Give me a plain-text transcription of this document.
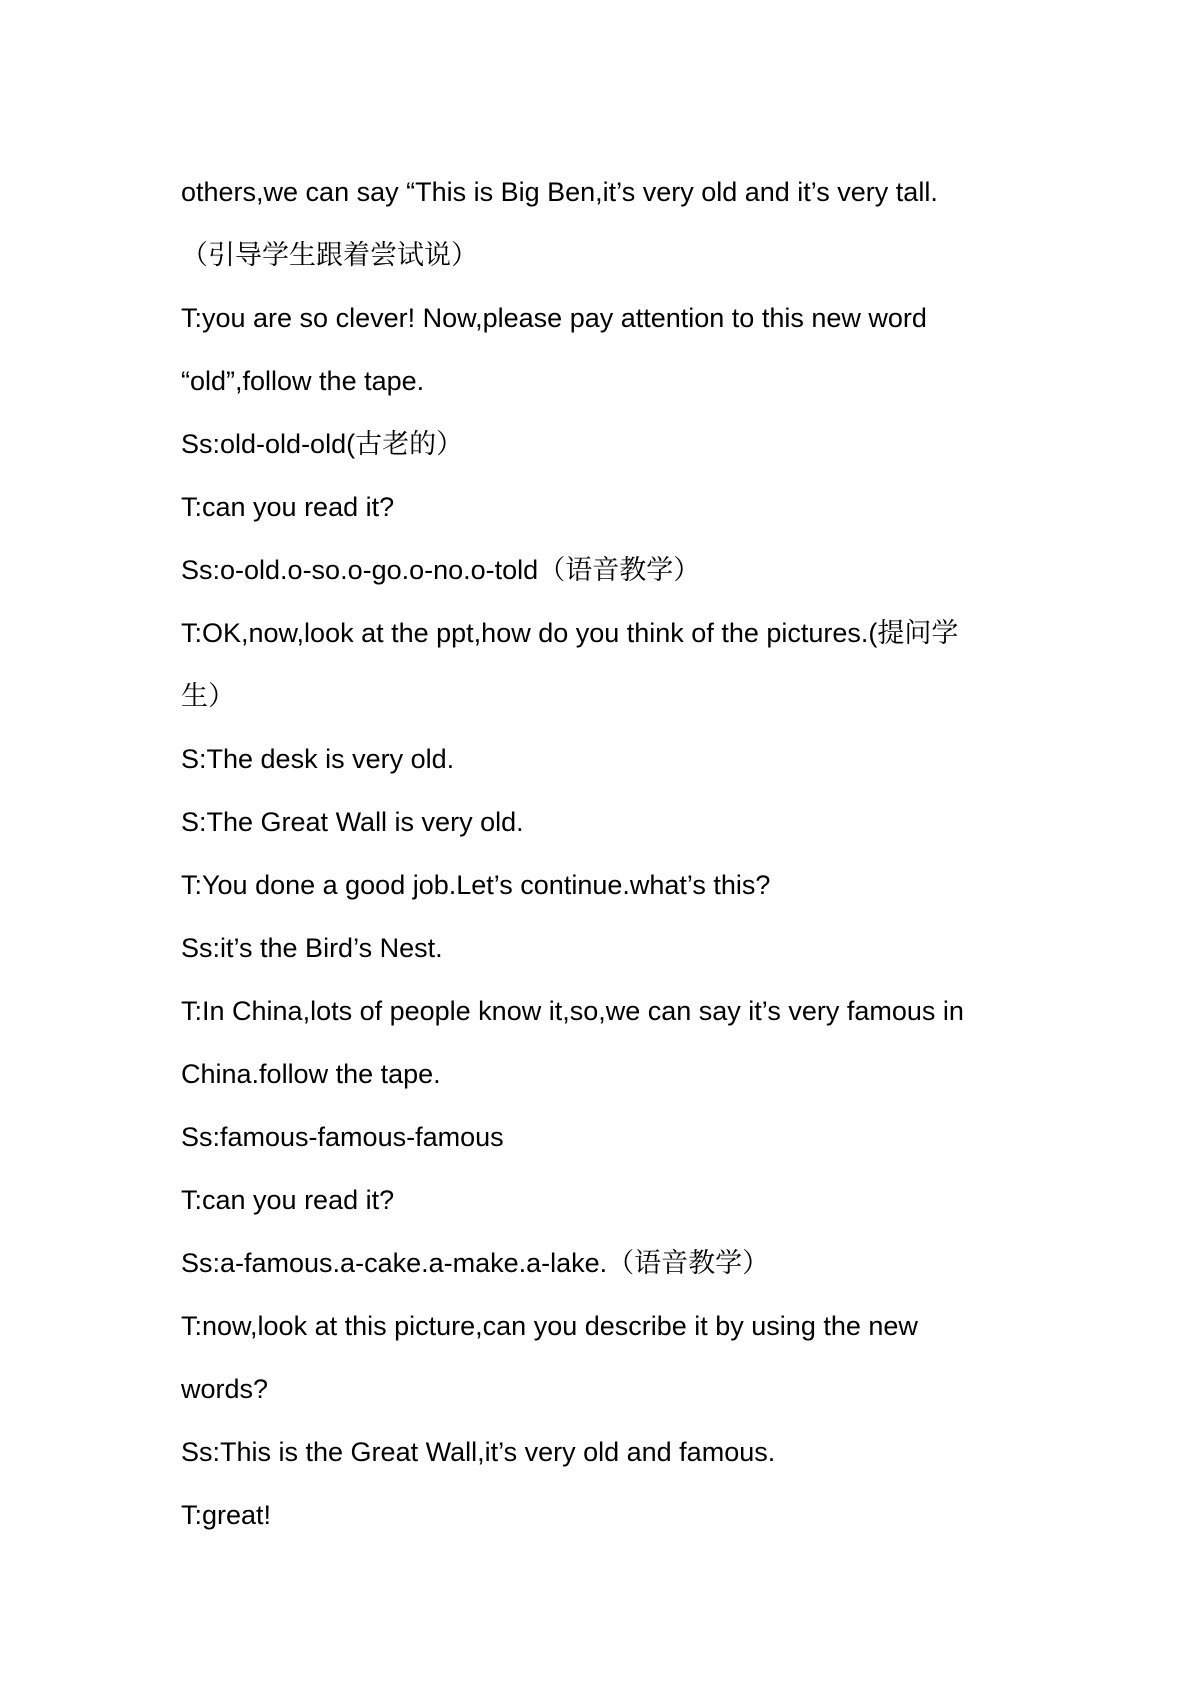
others,we can say “This is Big Ben,it’s very old and it’s very tall.
（引导学生跟着尝试说）
T:you are so clever! Now,please pay attention to this new word
“old”,follow the tape.
Ss:old-old-old(古老的）
T:can you read it?
Ss:o-old.o-so.o-go.o-no.o-told（语音教学）
T:OK,now,look at the ppt,how do you think of the pictures.(提问学
生）
S:The desk is very old.
S:The Great Wall is very old.
T:You done a good job.Let’s continue.what’s this?
Ss:it’s the Bird’s Nest.
T:In China,lots of people know it,so,we can say it’s very famous in
China.follow the tape.
Ss:famous-famous-famous
T:can you read it?
Ss:a-famous.a-cake.a-make.a-lake.（语音教学）
T:now,look at this picture,can you describe it by using the new
words?
Ss:This is the Great Wall,it’s very old and famous.
T:great!
